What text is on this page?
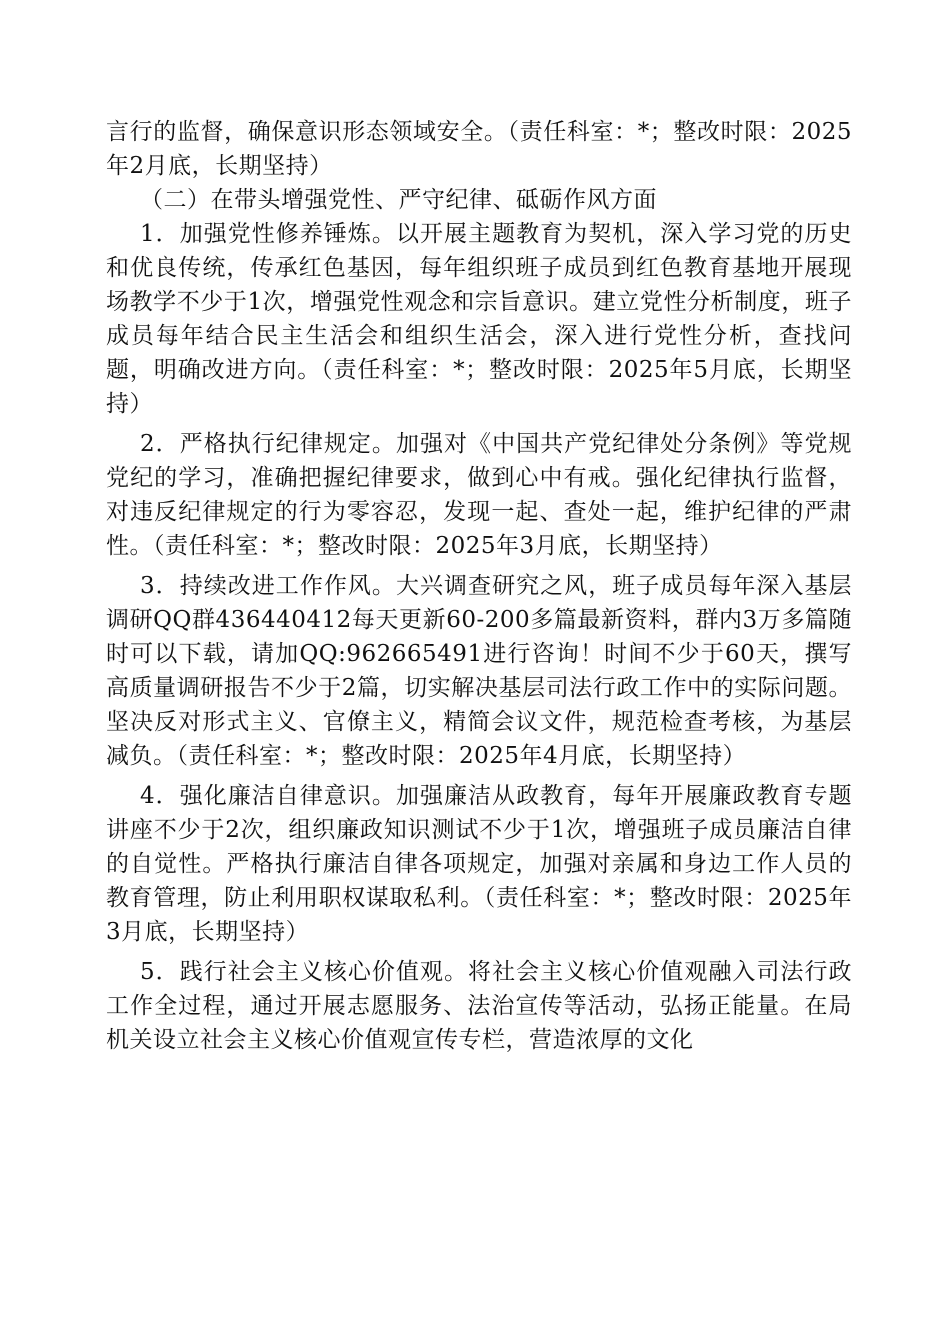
言行的监督，确保意识形态领域安全。（责任科室：*；整改时限：2025年2月底，长期坚持）

（二）在带头增强党性、严守纪律、砥砺作风方面

1．加强党性修养锤炼。以开展主题教育为契机，深入学习党的历史和优良传统，传承红色基因，每年组织班子成员到红色教育基地开展现场教学不少于1次，增强党性观念和宗旨意识。建立党性分析制度，班子成员每年结合民主生活会和组织生活会，深入进行党性分析，查找问题，明确改进方向。（责任科室：*；整改时限：2025年5月底，长期坚持）

2．严格执行纪律规定。加强对《中国共产党纪律处分条例》等党规党纪的学习，准确把握纪律要求，做到心中有戒。强化纪律执行监督，对违反纪律规定的行为零容忍，发现一起、查处一起，维护纪律的严肃性。（责任科室：*；整改时限：2025年3月底，长期坚持）

3．持续改进工作作风。大兴调查研究之风，班子成员每年深入基层调研QQ群436440412每天更新60-200多篇最新资料，群内3万多篇随时可以下载，请加QQ:962665491进行咨询！时间不少于60天，撰写高质量调研报告不少于2篇，切实解决基层司法行政工作中的实际问题。坚决反对形式主义、官僚主义，精简会议文件，规范检查考核，为基层减负。（责任科室：*；整改时限：2025年4月底，长期坚持）

4．强化廉洁自律意识。加强廉洁从政教育，每年开展廉政教育专题讲座不少于2次，组织廉政知识测试不少于1次，增强班子成员廉洁自律的自觉性。严格执行廉洁自律各项规定，加强对亲属和身边工作人员的教育管理，防止利用职权谋取私利。（责任科室：*；整改时限：2025年3月底，长期坚持）

5．践行社会主义核心价值观。将社会主义核心价值观融入司法行政工作全过程，通过开展志愿服务、法治宣传等活动，弘扬正能量。在局机关设立社会主义核心价值观宣传专栏，营造浓厚的文化
